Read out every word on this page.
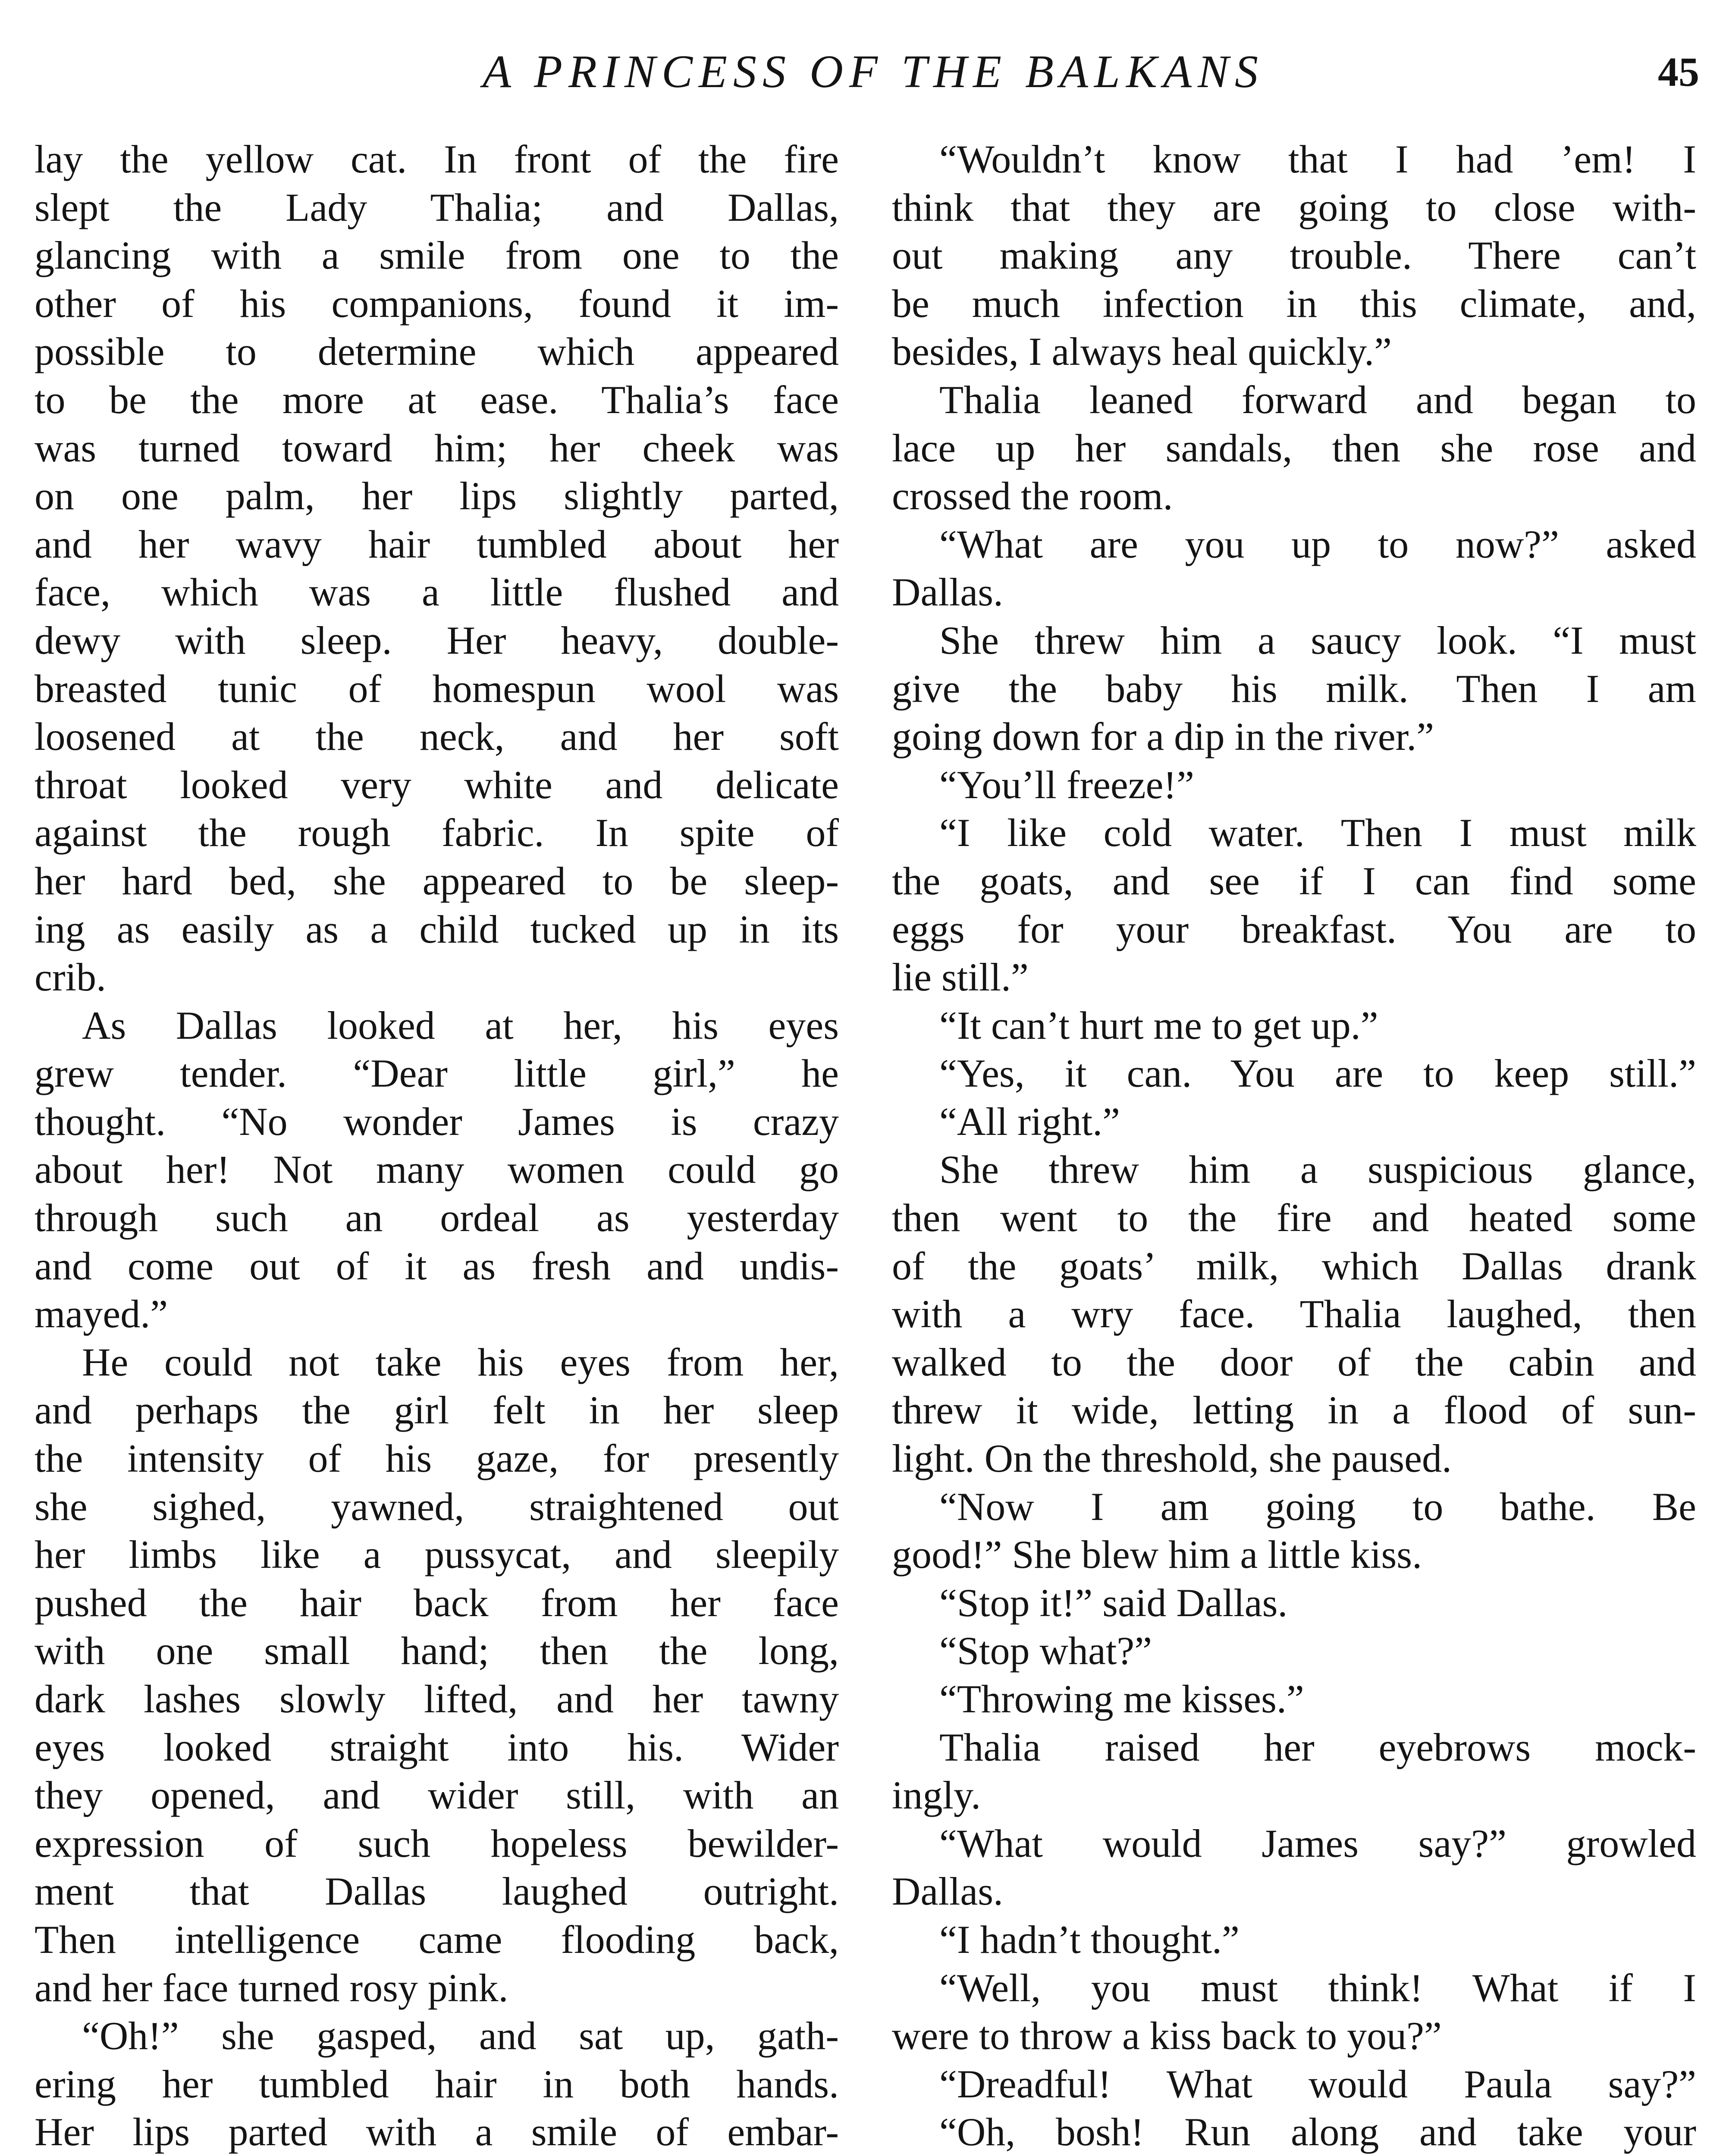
A PRINCESS OF THE BALKANS	45
lay the yellow cat. In front of the fire
slept the Lady Thalia; and Dallas,
glancing with a smile from one to the
other of his companions, found it im-
possible to determine which appeared
to be the more at ease. Thalia’s face
was turned toward him; her cheek was
on one palm, her lips slightly parted,
and her wavy hair tumbled about her
face, which was a little flushed and
dewy with sleep. Her heavy, double-
breasted tunic of homespun wool was
loosened at the neck, and her soft
throat looked very white and delicate
against the rough fabric. In spite of
her hard bed, she appeared to be sleep-
ing as easily as a child tucked up in its
crib.
As Dallas looked at her, his eyes
grew tender. “Dear little girl,” he
thought. “No wonder James is crazy
about her! Not many women could go
through such an ordeal as yesterday
and come out of it as fresh and undis-
mayed.”
He could not take his eyes from her,
and perhaps the girl felt in her sleep
the intensity of his gaze, for presently
she sighed, yawned, straightened out
her limbs like a pussycat, and sleepily
pushed the hair back from her face
with one small hand; then the long,
dark lashes slowly lifted, and her tawny
eyes looked straight into his. Wider
they opened, and wider still, with an
expression of such hopeless bewilder-
ment that Dallas laughed outright.
Then intelligence came flooding back,
and her face turned rosy pink.
“Oh!” she gasped, and sat up, gath-
ering her tumbled hair in both hands.
Her lips parted with a smile of embar-
“Wouldn’t know that I had ’em! I
think that they are going to close with-
out making any trouble. There can’t
be much infection in this climate, and,
besides, I always heal quickly.”
Thalia leaned forward and began to
lace up her sandals, then she rose and
crossed the room.
“What are you up to now?” asked
Dallas.
She threw him a saucy look. “I must
give the baby his milk. Then I am
going down for a dip in the river.”
“You’ll freeze!”
“I like cold water. Then I must milk
the goats, and see if I can find some
eggs for your breakfast. You are to
lie still.”
“It can’t hurt me to get up.”
“Yes, it can. You are to keep still.”
“All right.”
She threw him a suspicious glance,
then went to the fire and heated some
of the goats’ milk, which Dallas drank
with a wry face. Thalia laughed, then
walked to the door of the cabin and
threw it wide, letting in a flood of sun-
light. On the threshold, she paused.
“Now I am going to bathe. Be
good!” She blew him a little kiss.
“Stop it!” said Dallas.
“Stop what?”
“Throwing me kisses.”
Thalia raised her eyebrows mock-
ingly.
“What would James say?” growled
Dallas.
“I hadn’t thought.”
“Well, you must think! What if I
were to throw a kiss back to you?”
“Dreadful! What would Paula say?”
“Oh, bosh! Run along and take your
